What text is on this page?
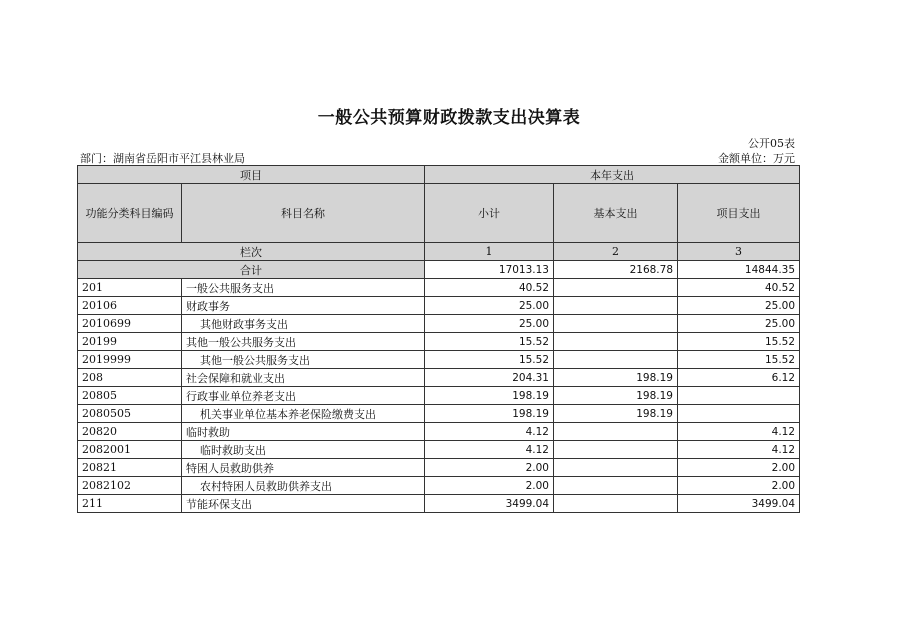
一般公共预算财政拨款支出决算表
公开05表
部门：湖南省岳阳市平江县林业局	金额单位：万元
项目		本年支出		
功能分类科目编码	科目名称	小计	基本支出	项目支出
栏次		1	2	3
合计		17013.13	2168.78	14844.35
201	一般公共服务支出	40.52		40.52
20106	财政事务	25.00		25.00
2010699	其他财政事务支出	25.00		25.00
20199	其他一般公共服务支出	15.52		15.52
2019999	其他一般公共服务支出	15.52		15.52
208	社会保障和就业支出	204.31	198.19	6.12
20805	行政事业单位养老支出	198.19	198.19	
2080505	机关事业单位基本养老保险缴费支出	198.19	198.19	
20820	临时救助	4.12		4.12
2082001	临时救助支出	4.12		4.12
20821	特困人员救助供养	2.00		2.00
2082102	农村特困人员救助供养支出	2.00		2.00
211	节能环保支出	3499.04		3499.04
